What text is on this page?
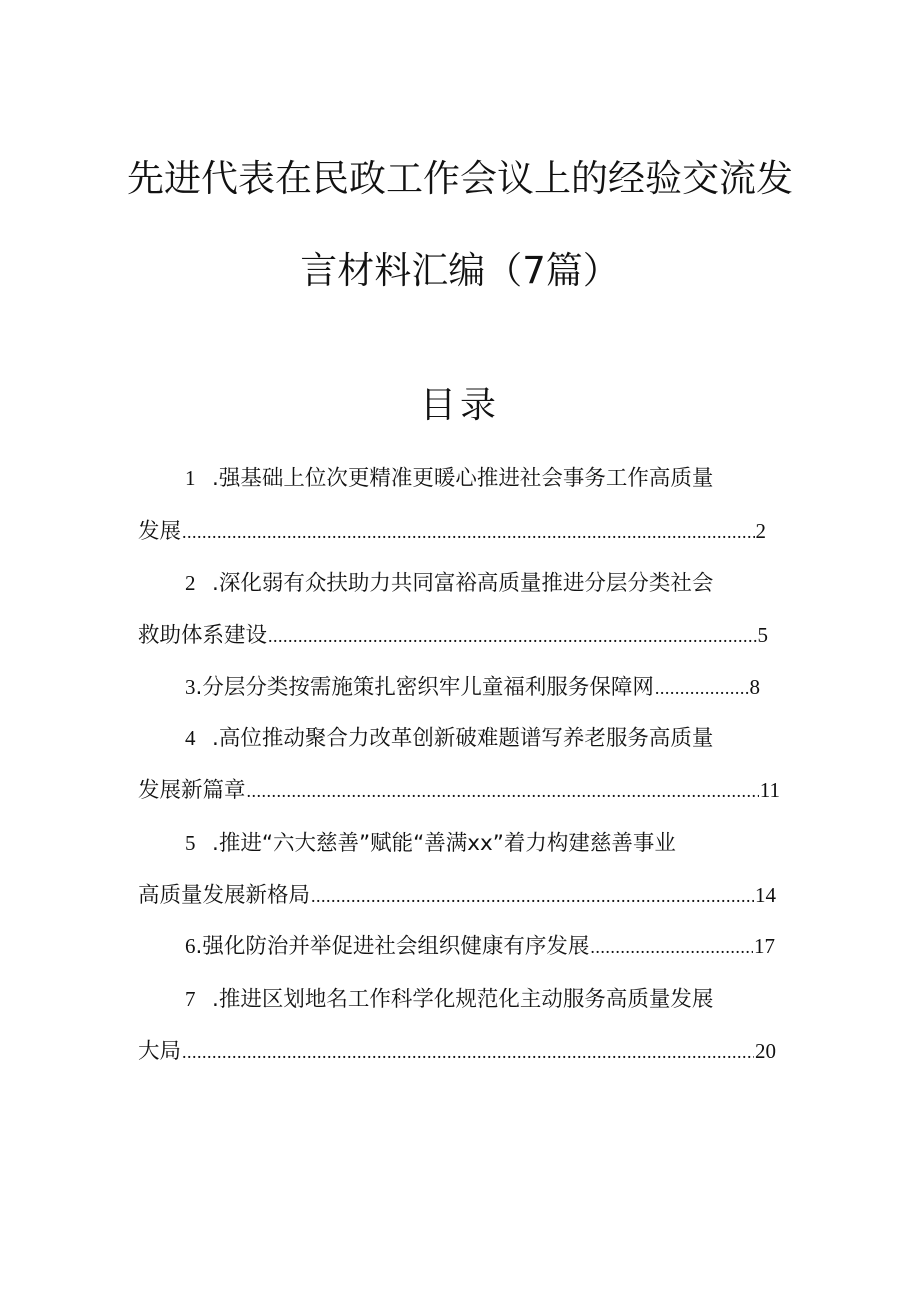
先进代表在民政工作会议上的经验交流发
言材料汇编（7篇）
目录
1 .强基础上位次更精准更暖心推进社会事务工作高质量
发展 .....	2
2 .深化弱有众扶助力共同富裕高质量推进分层分类社会
救助体系建设 .....	5
3 .分层分类按需施策扎密织牢儿童福利服务保障网 .....	8
4 .高位推动聚合力改革创新破难题谱写养老服务高质量
发展新篇章 .....	11
5 .推进“六大慈善”赋能“善满xx”着力构建慈善事业
高质量发展新格局 .....	14
6 .强化防治并举促进社会组织健康有序发展 .....	17
7 .推进区划地名工作科学化规范化主动服务高质量发展
大局 .....	20
